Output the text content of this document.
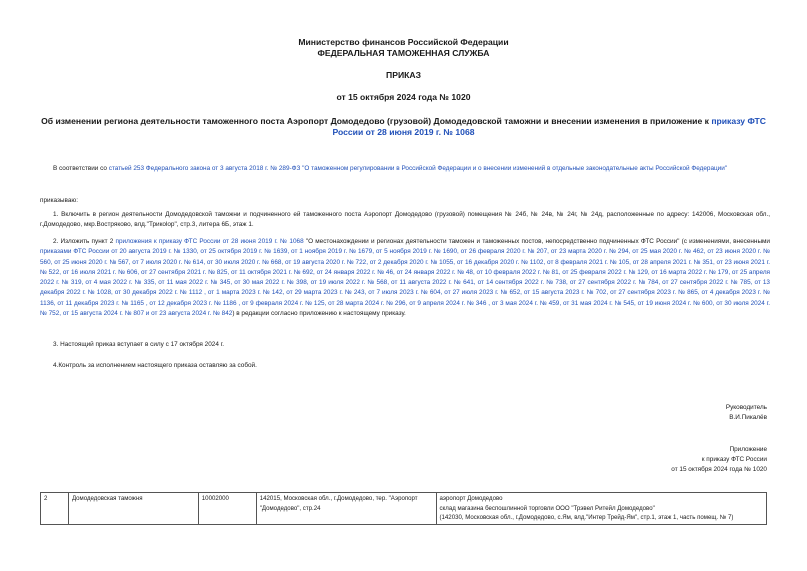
Министерство финансов Российской Федерации
ФЕДЕРАЛЬНАЯ ТАМОЖЕННАЯ СЛУЖБА
ПРИКАЗ
от 15 октября 2024 года № 1020
Об изменении региона деятельности таможенного поста Аэропорт Домодедово (грузовой) Домодедовской таможни и внесении изменения в приложение к приказу ФТС России от 28 июня 2019 г. № 1068
В соответствии со статьей 253 Федерального закона от 3 августа 2018 г. № 289-ФЗ "О таможенном регулировании в Российской Федерации и о внесении изменений в отдельные законодательные акты Российской Федерации"
приказываю:
1. Включить в регион деятельности Домодедовской таможни и подчиненного ей таможенного поста Аэропорт Домодедово (грузовой) помещения № 24б, № 24в, № 24г, № 24д, расположенные по адресу: 142006, Московская обл., г.Домодедово, мкр.Востряково, влд."Трикolор", стр.3, литера 6Б, этаж 1.
2. Изложить пункт 2 приложения к приказу ФТС России от 28 июня 2019 г. № 1068 "О местонахождении и регионах деятельности таможен и таможенных постов, непосредственно подчиненных ФТС России" (с изменениями, внесенными приказами ФТС России от 20 августа 2019 г. № 1330, от 25 октября 2019 г. № 1639, от 1 ноября 2019 г. № 1679, от 5 ноября 2019 г. № 1690, от 26 февраля 2020 г. № 207, от 23 марта 2020 г. № 294, от 25 мая 2020 г. № 462, от 23 июня 2020 г. № 560, от 25 июня 2020 г. № 567, от 7 июля 2020 г. № 614, от 30 июля 2020 г. № 668, от 19 августа 2020 г. № 722, от 2 декабря 2020 г. № 1055, от 16 декабря 2020 г. № 1102, от 8 февраля 2021 г. № 105, от 28 апреля 2021 г. № 351, от 23 июня 2021 г. № 522, от 16 июля 2021 г. № 606, от 27 сентября 2021 г. № 825, от 11 октября 2021 г. № 692, от 24 января 2022 г. № 46, от 24 января 2022 г. № 48, от 10 февраля 2022 г. № 81, от 25 февраля 2022 г. № 129, от 16 марта 2022 г. № 179, от 25 апреля 2022 г. № 319, от 4 мая 2022 г. № 335, от 11 мая 2022 г. № 345, от 30 мая 2022 г. № 398, от 19 июля 2022 г. № 568, от 11 августа 2022 г. № 641, от 14 сентября 2022 г. № 738, от 27 сентября 2022 г. № 784, от 27 сентября 2022 г. № 785, от 13 декабря 2022 г. № 1028, от 30 декабря 2022 г. № 1112 , от 1 марта 2023 г. № 142, от 29 марта 2023 г. № 243, от 7 июля 2023 г. № 604, от 27 июля 2023 г. № 652, от 15 августа 2023 г. № 702, от 27 сентября 2023 г. № 865, от 4 декабря 2023 г. № 1136, от 11 декабря 2023 г. № 1165 , от 12 декабря 2023 г. № 1186 , от 9 февраля 2024 г. № 125, от 28 марта 2024 г. № 296, от 9 апреля 2024 г. № 346 , от 3 мая 2024 г. № 459, от 31 мая 2024 г. № 545, от 19 июня 2024 г. № 600, от 30 июля 2024 г. № 752, от 15 августа 2024 г. № 807 и от 23 августа 2024 г. № 842) в редакции согласно приложению к настоящему приказу.
3. Настоящий приказ вступает в силу с 17 октября 2024 г.
4.Контроль за исполнением настоящего приказа оставляю за собой.
Руководитель
В.И.Пикалёв
Приложение
к приказу ФТС России
от 15 октября 2024 года № 1020
2	Домодедовская таможня	10002000	142015, Московская обл., г.Домодедово, тер. "Аэропорт "Домодедово", стр.24	аэропорт Домодедово
склад магазина беспошлинной торговли ООО "Трэвел Ритейл Домодедово"
(142030, Московская обл., г.Домодедово, с.Ям, влд."Интер Трейд-Ям", стр.1, этаж 1, часть помещ. № 7)
